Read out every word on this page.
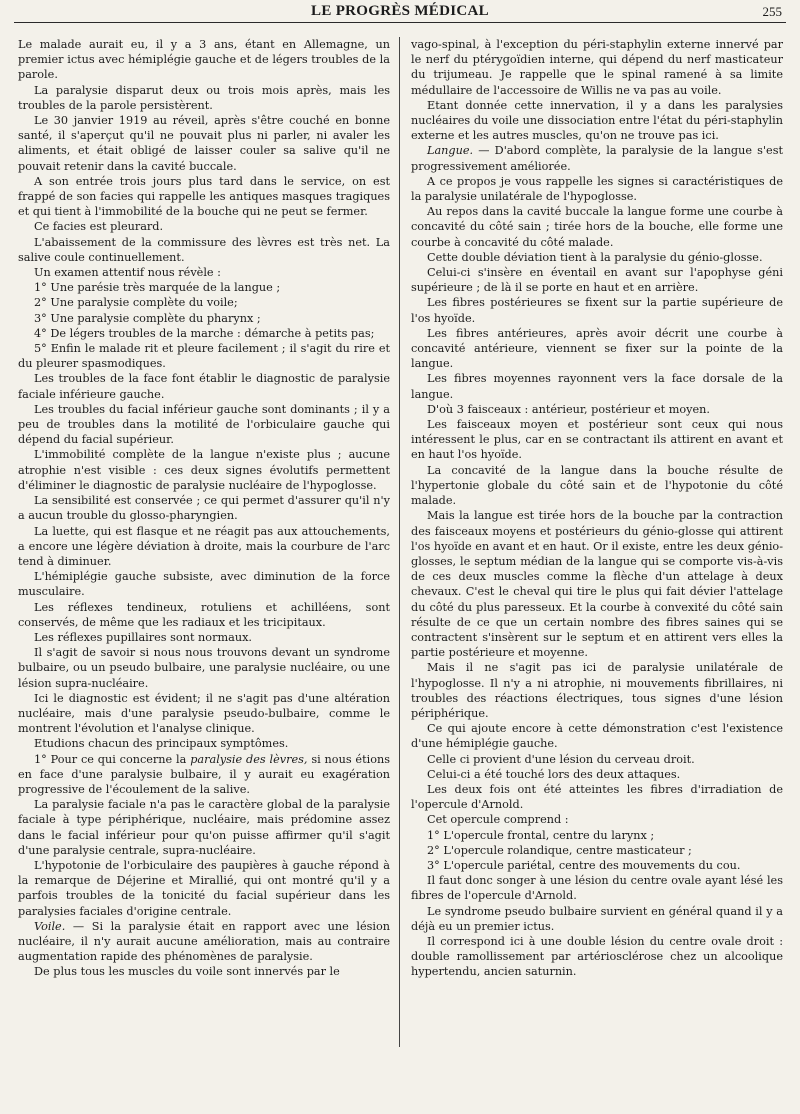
LE PROGRÈS MÉDICAL	255

Le malade aurait eu, il y a 3 ans, étant en Allemagne, un premier ictus avec hémiplégie gauche et de légers troubles de la parole.

La paralysie disparut deux ou trois mois après, mais les troubles de la parole persistèrent.

Le 30 janvier 1919 au réveil, après s'être couché en bonne santé, il s'aperçut qu'il ne pouvait plus ni parler, ni avaler les aliments, et était obligé de laisser couler sa salive qu'il ne pouvait retenir dans la cavité buccale.

A son entrée trois jours plus tard dans le service, on est frappé de son facies qui rappelle les antiques masques tragiques et qui tient à l'immobilité de la bouche qui ne peut se fermer.

Ce facies est pleurard.

L'abaissement de la commissure des lèvres est très net. La salive coule continuellement.

Un examen attentif nous révèle :

1° Une parésie très marquée de la langue ;

2° Une paralysie complète du voile;

3° Une paralysie complète du pharynx ;

4° De légers troubles de la marche : démarche à petits pas;

5° Enfin le malade rit et pleure facilement ; il s'agit du rire et du pleurer spasmodiques.

Les troubles de la face font établir le diagnostic de paralysie faciale inférieure gauche.

Les troubles du facial inférieur gauche sont dominants ; il y a peu de troubles dans la motilité de l'orbiculaire gauche qui dépend du facial supérieur.

L'immobilité complète de la langue n'existe plus ; aucune atrophie n'est visible : ces deux signes évolutifs permettent d'éliminer le diagnostic de paralysie nucléaire de l'hypoglosse.

La sensibilité est conservée ; ce qui permet d'assurer qu'il n'y a aucun trouble du glosso-pharyngien.

La luette, qui est flasque et ne réagit pas aux attouchements, a encore une légère déviation à droite, mais la courbure de l'arc tend à diminuer.

L'hémiplégie gauche subsiste, avec diminution de la force musculaire.

Les réflexes tendineux, rotuliens et achilléens, sont conservés, de même que les radiaux et les tricipitaux.

Les réflexes pupillaires sont normaux.

Il s'agit de savoir si nous nous trouvons devant un syndrome bulbaire, ou un pseudo bulbaire, une paralysie nucléaire, ou une lésion supra-nucléaire.

Ici le diagnostic est évident; il ne s'agit pas d'une altération nucléaire, mais d'une paralysie pseudo-bulbaire, comme le montrent l'évolution et l'analyse clinique.

Etudions chacun des principaux symptômes.

1° Pour ce qui concerne la paralysie des lèvres, si nous étions en face d'une paralysie bulbaire, il y aurait eu exagération progressive de l'écoulement de la salive.

La paralysie faciale n'a pas le caractère global de la paralysie faciale à type périphérique, nucléaire, mais prédomine assez dans le facial inférieur pour qu'on puisse affirmer qu'il s'agit d'une paralysie centrale, supra-nucléaire.

L'hypotonie de l'orbiculaire des paupières à gauche répond à la remarque de Déjerine et Mirallié, qui ont montré qu'il y a parfois troubles de la tonicité du facial supérieur dans les paralysies faciales d'origine centrale.

Voile. — Si la paralysie était en rapport avec une lésion nucléaire, il n'y aurait aucune amélioration, mais au contraire augmentation rapide des phénomènes de paralysie.

De plus tous les muscles du voile sont innervés par le

vago-spinal, à l'exception du péri-staphylin externe innervé par le nerf du ptérygoïdien interne, qui dépend du nerf masticateur du trijumeau. Je rappelle que le spinal ramené à sa limite médullaire de l'accessoire de Willis ne va pas au voile.

Etant donnée cette innervation, il y a dans les paralysies nucléaires du voile une dissociation entre l'état du péri-staphylin externe et les autres muscles, qu'on ne trouve pas ici.

Langue. — D'abord complète, la paralysie de la langue s'est progressivement améliorée.

A ce propos je vous rappelle les signes si caractéristiques de la paralysie unilatérale de l'hypoglosse.

Au repos dans la cavité buccale la langue forme une courbe à concavité du côté sain ; tirée hors de la bouche, elle forme une courbe à concavité du côté malade.

Cette double déviation tient à la paralysie du génio-glosse.

Celui-ci s'insère en éventail en avant sur l'apophyse géni supérieure ; de là il se porte en haut et en arrière.

Les fibres postérieures se fixent sur la partie supérieure de l'os hyoïde.

Les fibres antérieures, après avoir décrit une courbe à concavité antérieure, viennent se fixer sur la pointe de la langue.

Les fibres moyennes rayonnent vers la face dorsale de la langue.

D'où 3 faisceaux : antérieur, postérieur et moyen.

Les faisceaux moyen et postérieur sont ceux qui nous intéressent le plus, car en se contractant ils attirent en avant et en haut l'os hyoïde.

La concavité de la langue dans la bouche résulte de l'hypertonie globale du côté sain et de l'hypotonie du côté malade.

Mais la langue est tirée hors de la bouche par la contraction des faisceaux moyens et postérieurs du génio-glosse qui attirent l'os hyoïde en avant et en haut. Or il existe, entre les deux génio-glosses, le septum médian de la langue qui se comporte vis-à-vis de ces deux muscles comme la flèche d'un attelage à deux chevaux. C'est le cheval qui tire le plus qui fait dévier l'attelage du côté du plus paresseux. Et la courbe à convexité du côté sain résulte de ce que un certain nombre des fibres saines qui se contractent s'insèrent sur le septum et en attirent vers elles la partie postérieure et moyenne.

Mais il ne s'agit pas ici de paralysie unilatérale de l'hypoglosse. Il n'y a ni atrophie, ni mouvements fibrillaires, ni troubles des réactions électriques, tous signes d'une lésion périphérique.

Ce qui ajoute encore à cette démonstration c'est l'existence d'une hémiplégie gauche.

Celle ci provient d'une lésion du cerveau droit.

Celui-ci a été touché lors des deux attaques.

Les deux fois ont été atteintes les fibres d'irradiation de l'opercule d'Arnold.

Cet opercule comprend :

1° L'opercule frontal, centre du larynx ;

2° L'opercule rolandique, centre masticateur ;

3° L'opercule pariétal, centre des mouvements du cou.

Il faut donc songer à une lésion du centre ovale ayant lésé les fibres de l'opercule d'Arnold.

Le syndrome pseudo bulbaire survient en général quand il y a déjà eu un premier ictus.

Il correspond ici à une double lésion du centre ovale droit : double ramollissement par artériosclérose chez un alcoolique hypertendu, ancien saturnin.
